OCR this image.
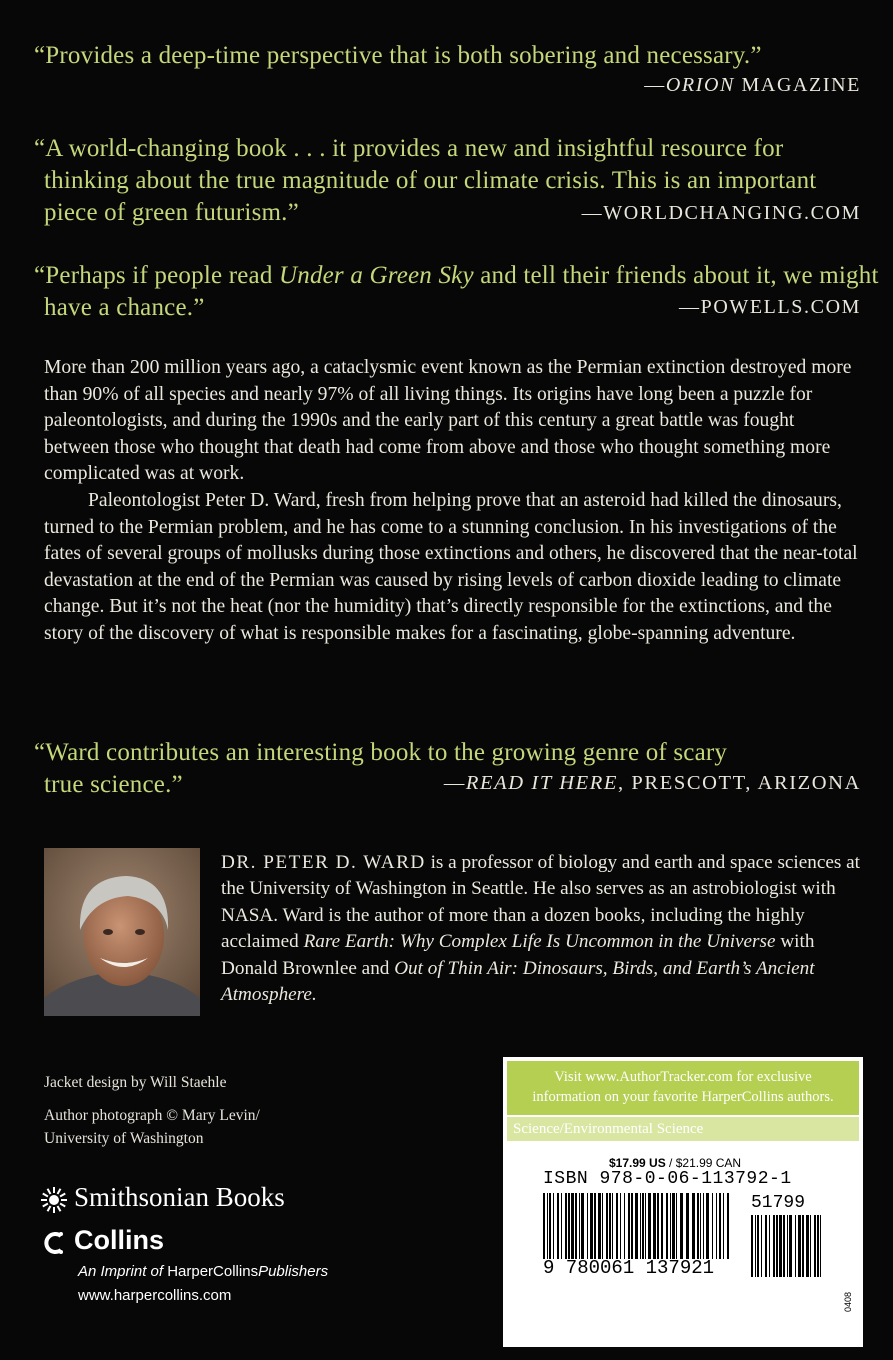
“Provides a deep-time perspective that is both sobering and necessary.”
—ORION MAGAZINE
“A world-changing book . . . it provides a new and insightful resource for
thinking about the true magnitude of our climate crisis. This is an important
piece of green futurism.”	—WORLDCHANGING.COM
“Perhaps if people read Under a Green Sky and tell their friends about it, we might
have a chance.”	—POWELLS.COM
More than 200 million years ago, a cataclysmic event known as the Permian extinction destroyed more than 90% of all species and nearly 97% of all living things. Its origins have long been a puzzle for paleontologists, and during the 1990s and the early part of this century a great battle was fought between those who thought that death had come from above and those who thought something more complicated was at work.
Paleontologist Peter D. Ward, fresh from helping prove that an asteroid had killed the dinosaurs, turned to the Permian problem, and he has come to a stunning conclusion. In his investigations of the fates of several groups of mollusks during those extinctions and others, he discovered that the near-total devastation at the end of the Permian was caused by rising levels of carbon dioxide leading to climate change. But it’s not the heat (nor the humidity) that’s directly responsible for the extinctions, and the story of the discovery of what is responsible makes for a fascinating, globe-spanning adventure.
“Ward contributes an interesting book to the growing genre of scary
true science.”	—READ IT HERE, PRESCOTT, ARIZONA
DR. PETER D. WARD is a professor of biology and earth and space sciences at the University of Washington in Seattle. He also serves as an astrobiologist with NASA. Ward is the author of more than a dozen books, including the highly acclaimed Rare Earth: Why Complex Life Is Uncommon in the Universe with Donald Brownlee and Out of Thin Air: Dinosaurs, Birds, and Earth’s Ancient Atmosphere.
Jacket design by Will Staehle
Author photograph © Mary Levin/
University of Washington
Smithsonian Books
Collins
An Imprint of HarperCollinsPublishers
www.harpercollins.com
Visit www.AuthorTracker.com for exclusive
information on your favorite HarperCollins authors.
Science/Environmental Science
$17.99 US / $21.99 CAN
ISBN 978-0-06-113792-1
9 780061 137921
51799
0408
